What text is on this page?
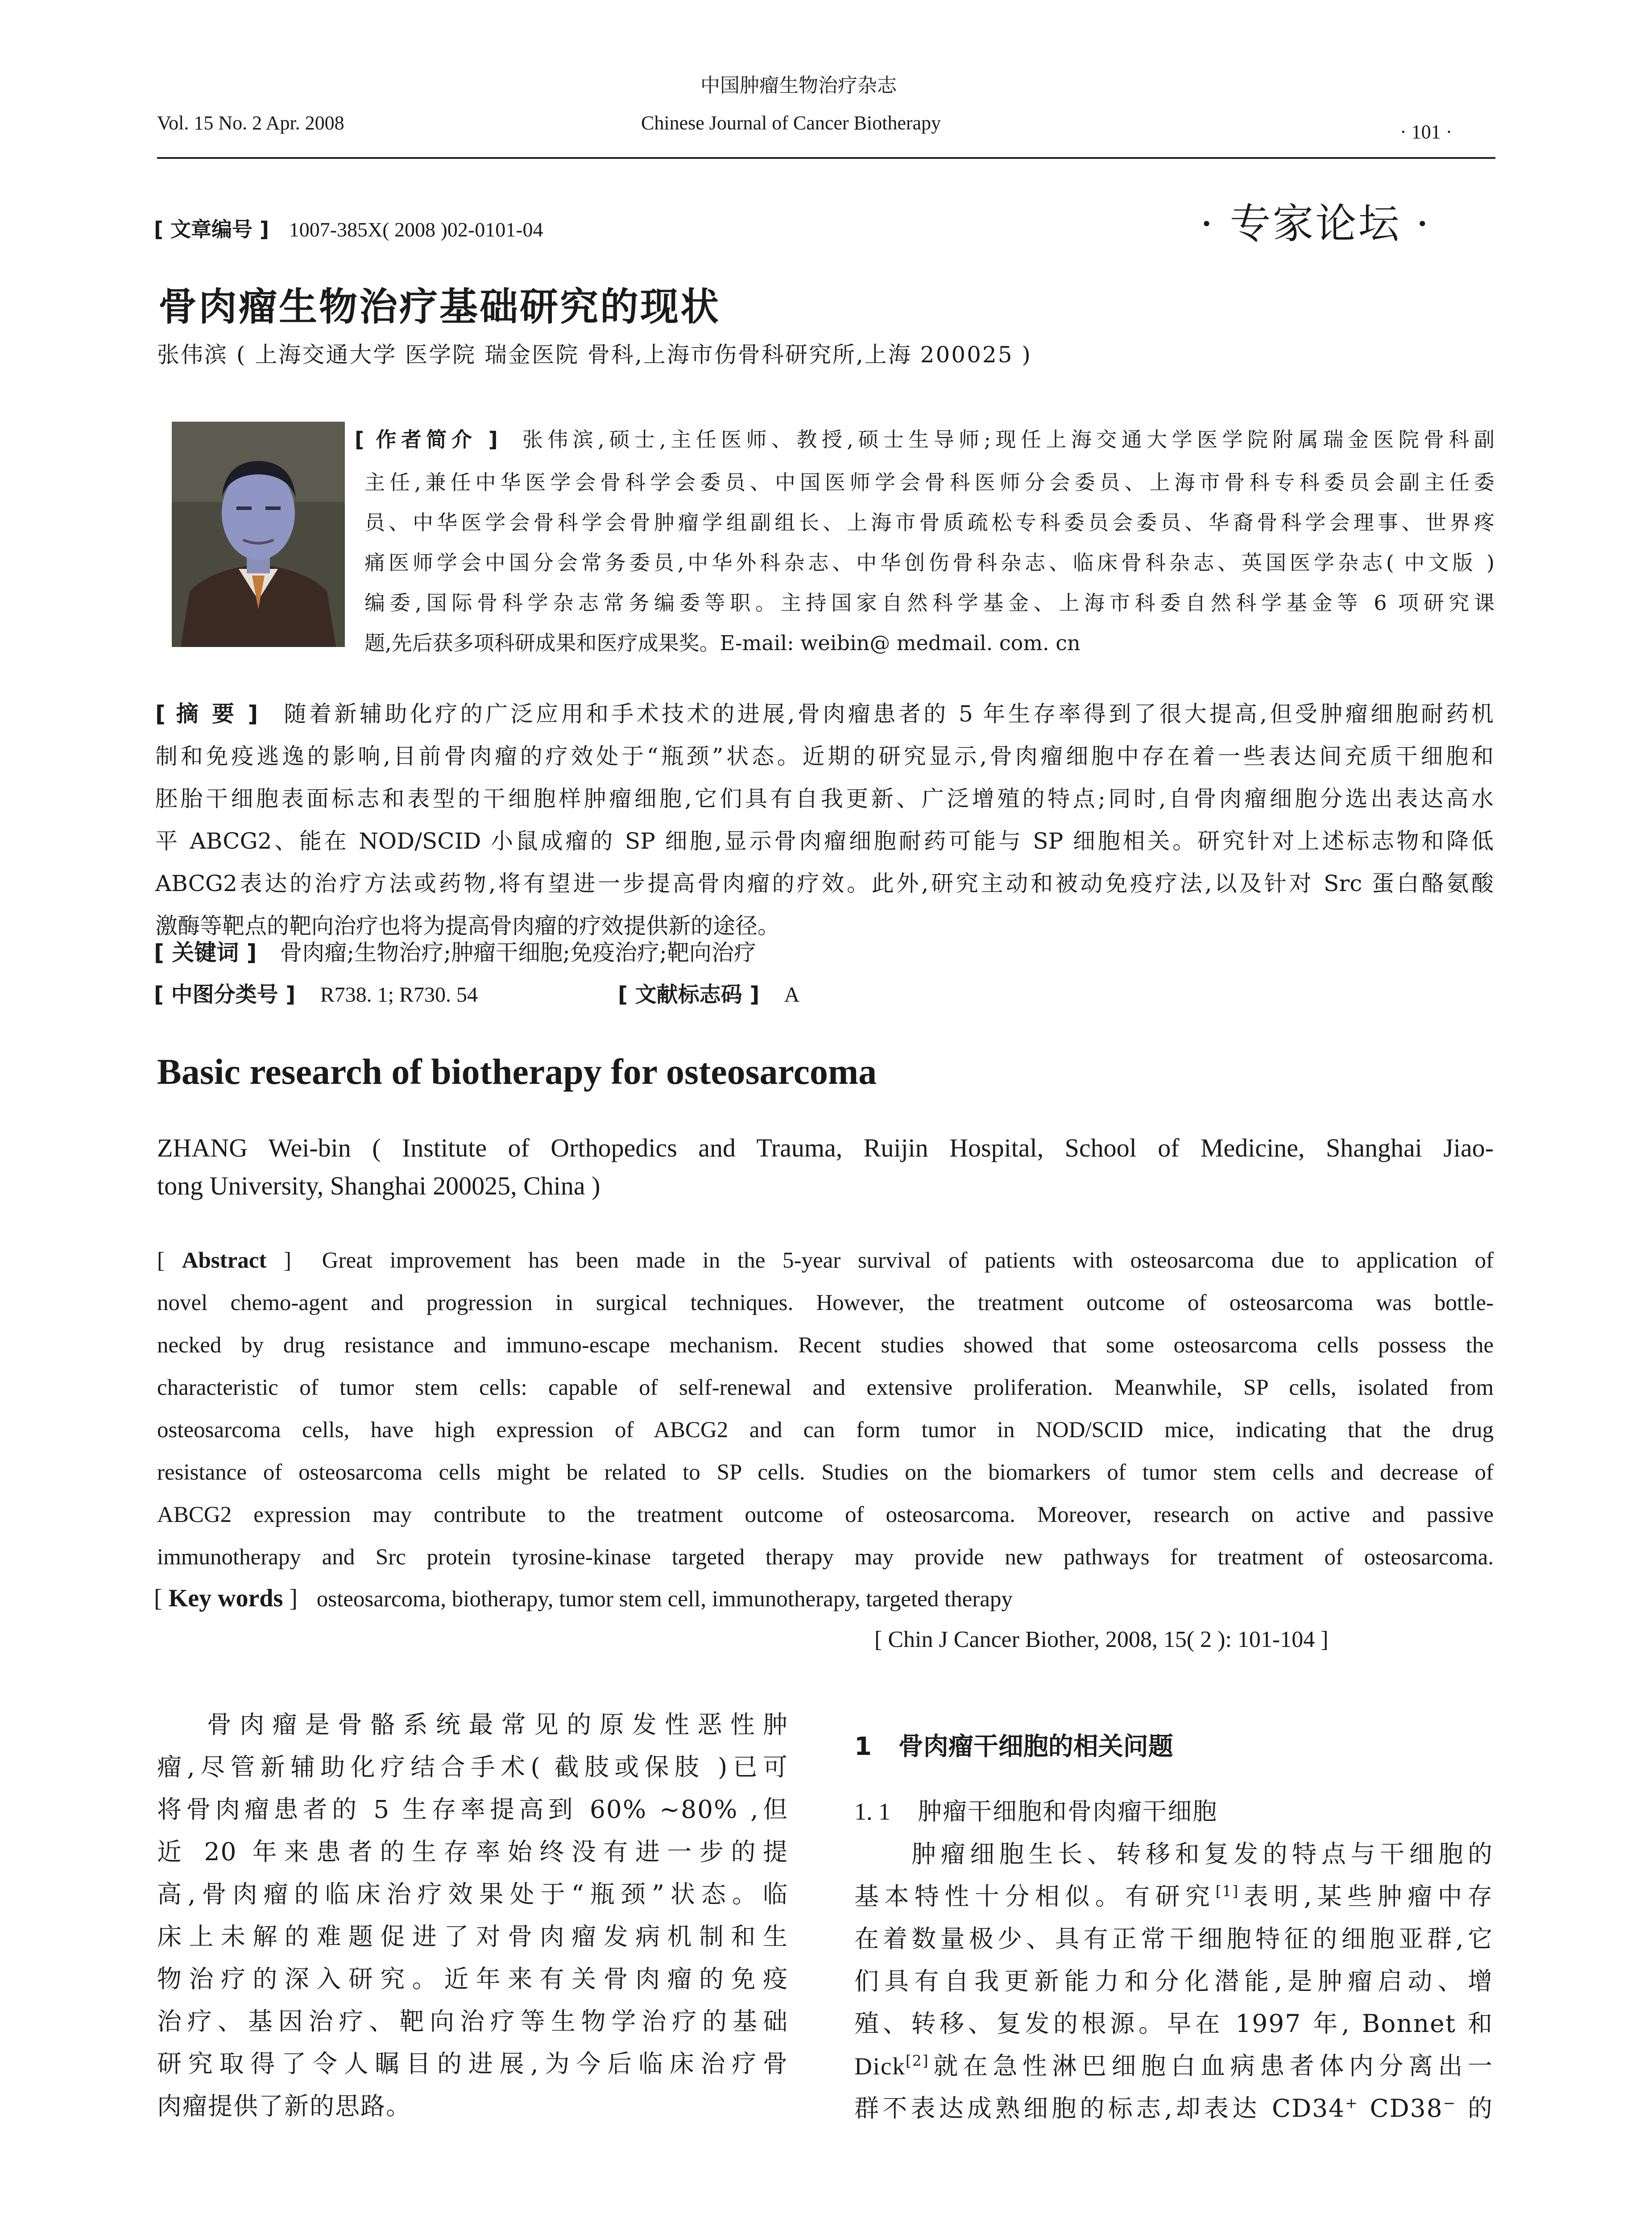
中国肿瘤生物治疗杂志
Vol. 15 No. 2 Apr. 2008	Chinese Journal of Cancer Biotherapy	· 101 ·
[ 文章编号 ] 1007-385X( 2008 )02-0101-04	· 专家论坛 ·
骨肉瘤生物治疗基础研究的现状
张伟滨 ( 上海交通大学 医学院 瑞金医院 骨科,上海市伤骨科研究所,上海 200025 )
[ 作者简介 ] 张伟滨,硕士,主任医师、教授,硕士生导师;现任上海交通大学医学院附属瑞金医院骨科副
主任,兼任中华医学会骨科学会委员、中国医师学会骨科医师分会委员、上海市骨科专科委员会副主任委
员、中华医学会骨科学会骨肿瘤学组副组长、上海市骨质疏松专科委员会委员、华裔骨科学会理事、世界疼
痛医师学会中国分会常务委员,中华外科杂志、中华创伤骨科杂志、临床骨科杂志、英国医学杂志( 中文版 )
编委,国际骨科学杂志常务编委等职。主持国家自然科学基金、上海市科委自然科学基金等 6 项研究课
题,先后获多项科研成果和医疗成果奖。E-mail: weibin@ medmail. com. cn
[ 摘 要 ] 随着新辅助化疗的广泛应用和手术技术的进展,骨肉瘤患者的 5 年生存率得到了很大提高,但受肿瘤细胞耐药机
制和免疫逃逸的影响,目前骨肉瘤的疗效处于“瓶颈”状态。近期的研究显示,骨肉瘤细胞中存在着一些表达间充质干细胞和
胚胎干细胞表面标志和表型的干细胞样肿瘤细胞,它们具有自我更新、广泛增殖的特点;同时,自骨肉瘤细胞分选出表达高水
平 ABCG2、能在 NOD/SCID 小鼠成瘤的 SP 细胞,显示骨肉瘤细胞耐药可能与 SP 细胞相关。研究针对上述标志物和降低
ABCG2表达的治疗方法或药物,将有望进一步提高骨肉瘤的疗效。此外,研究主动和被动免疫疗法,以及针对 Src 蛋白酪氨酸
激酶等靶点的靶向治疗也将为提高骨肉瘤的疗效提供新的途径。
[ 关键词 ] 骨肉瘤;生物治疗;肿瘤干细胞;免疫治疗;靶向治疗
[ 中图分类号 ] R738. 1; R730. 54	[ 文献标志码 ] A
Basic research of biotherapy for osteosarcoma
ZHANG Wei-bin ( Institute of Orthopedics and Trauma, Ruijin Hospital, School of Medicine, Shanghai Jiao-
tong University, Shanghai 200025, China )
[ Abstract ] Great improvement has been made in the 5-year survival of patients with osteosarcoma due to application of
novel chemo-agent and progression in surgical techniques. However, the treatment outcome of osteosarcoma was bottle-
necked by drug resistance and immuno-escape mechanism. Recent studies showed that some osteosarcoma cells possess the
characteristic of tumor stem cells: capable of self-renewal and extensive proliferation. Meanwhile, SP cells, isolated from
osteosarcoma cells, have high expression of ABCG2 and can form tumor in NOD/SCID mice, indicating that the drug
resistance of osteosarcoma cells might be related to SP cells. Studies on the biomarkers of tumor stem cells and decrease of
ABCG2 expression may contribute to the treatment outcome of osteosarcoma. Moreover, research on active and passive
immunotherapy and Src protein tyrosine-kinase targeted therapy may provide new pathways for treatment of osteosarcoma.
[ Key words ] osteosarcoma, biotherapy, tumor stem cell, immunotherapy, targeted therapy
[ Chin J Cancer Biother, 2008, 15( 2 ): 101-104 ]
骨肉瘤是骨骼系统最常见的原发性恶性肿
瘤,尽管新辅助化疗结合手术( 截肢或保肢 )已可
将骨肉瘤患者的 5 生存率提高到 60% ~80% ,但
近 20 年来患者的生存率始终没有进一步的提
高,骨肉瘤的临床治疗效果处于“瓶颈”状态。临
床上未解的难题促进了对骨肉瘤发病机制和生
物治疗的深入研究。近年来有关骨肉瘤的免疫
治疗、基因治疗、靶向治疗等生物学治疗的基础
研究取得了令人瞩目的进展,为今后临床治疗骨
肉瘤提供了新的思路。
1 骨肉瘤干细胞的相关问题
1. 1 肿瘤干细胞和骨肉瘤干细胞
肿瘤细胞生长、转移和复发的特点与干细胞的
基本特性十分相似。有研究[1]表明,某些肿瘤中存
在着数量极少、具有正常干细胞特征的细胞亚群,它
们具有自我更新能力和分化潜能,是肿瘤启动、增
殖、转移、复发的根源。早在 1997 年, Bonnet 和
Dick[2]就在急性淋巴细胞白血病患者体内分离出一
群不表达成熟细胞的标志,却表达 CD34+ CD38− 的
